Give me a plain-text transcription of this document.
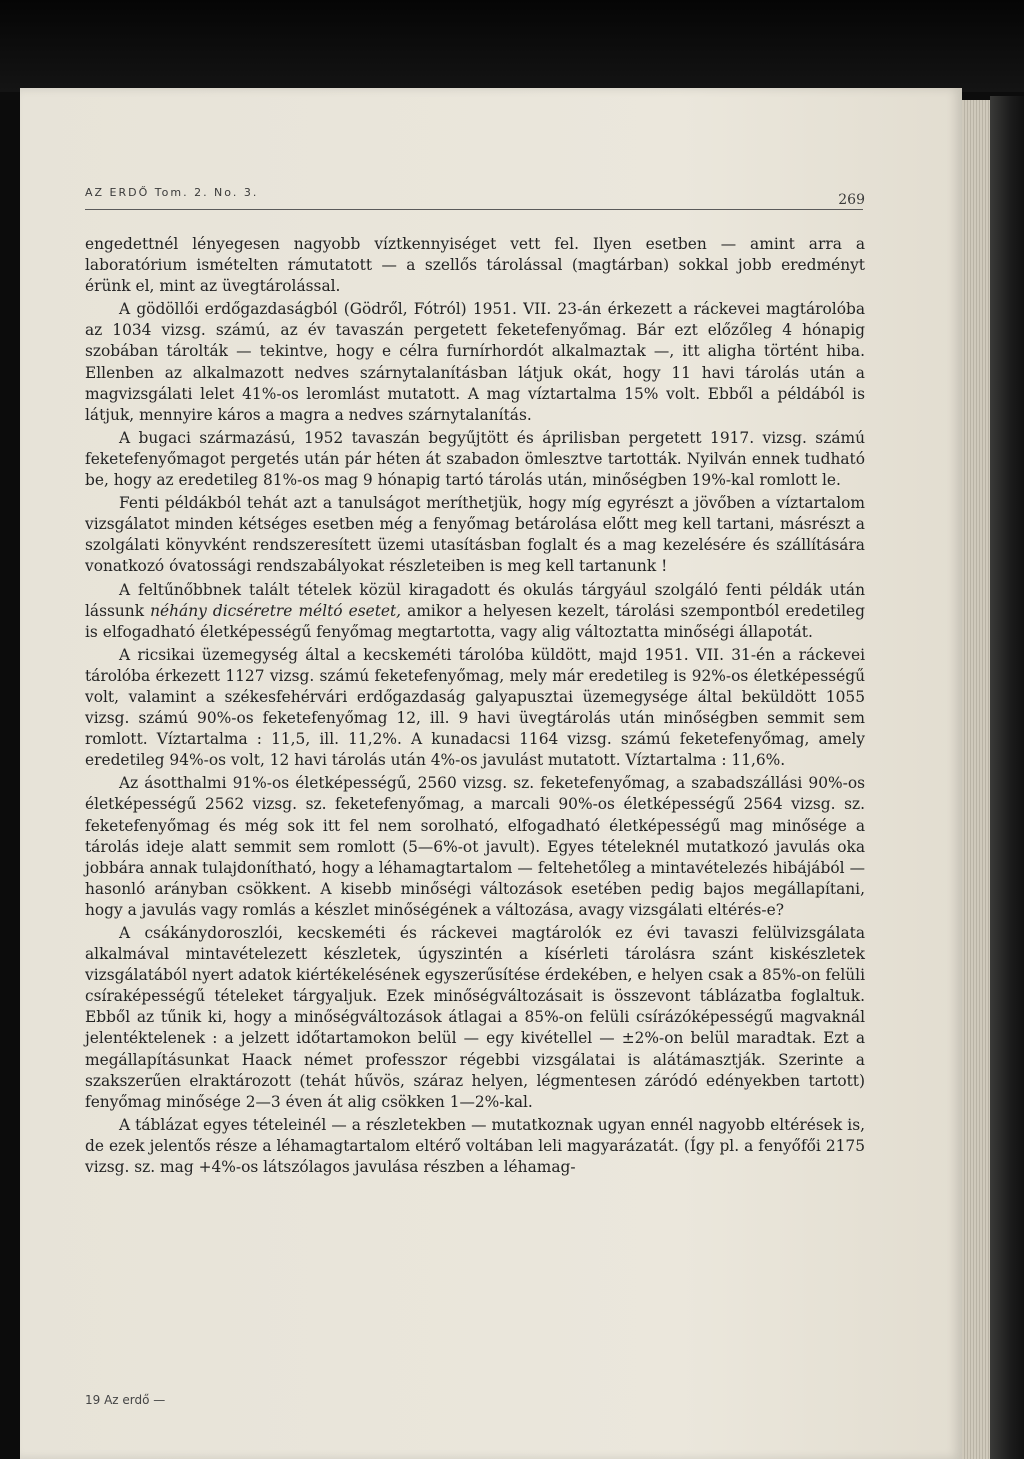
AZ ERDŐ Tom. 2. No. 3.	269

engedettnél lényegesen nagyobb víztkennyiséget vett fel. Ilyen esetben — amint arra a laboratórium ismételten rámutatott — a szellős tárolással (magtárban) sokkal jobb eredményt érünk el, mint az üvegtárolással.

A gödöllői erdőgazdaságból (Gödről, Fótról) 1951. VII. 23-án érkezett a ráckevei magtárolóba az 1034 vizsg. számú, az év tavaszán pergetett feketefenyőmag. Bár ezt előzőleg 4 hónapig szobában tárolták — tekintve, hogy e célra furnírhordót alkalmaztak —, itt aligha történt hiba. Ellenben az alkalmazott nedves szárnytalanításban látjuk okát, hogy 11 havi tárolás után a magvizsgálati lelet 41%-os leromlást mutatott. A mag víztartalma 15% volt. Ebből a példából is látjuk, mennyire káros a magra a nedves szárnytalanítás.

A bugaci származású, 1952 tavaszán begyűjtött és áprilisban pergetett 1917. vizsg. számú feketefenyőmagot pergetés után pár héten át szabadon ömlesztve tartották. Nyilván ennek tudható be, hogy az eredetileg 81%-os mag 9 hónapig tartó tárolás után, minőségben 19%-kal romlott le.

Fenti példákból tehát azt a tanulságot meríthetjük, hogy míg egyrészt a jövőben a víztartalom vizsgálatot minden kétséges esetben még a fenyőmag betárolása előtt meg kell tartani, másrészt a szolgálati könyvként rendszeresített üzemi utasításban foglalt és a mag kezelésére és szállítására vonatkozó óvatossági rendszabályokat részleteiben is meg kell tartanunk !

A feltűnőbbnek talált tételek közül kiragadott és okulás tárgyául szolgáló fenti példák után lássunk néhány dicséretre méltó esetet, amikor a helyesen kezelt, tárolási szempontból eredetileg is elfogadható életképességű fenyőmag megtartotta, vagy alig változtatta minőségi állapotát.

A ricsikai üzemegység által a kecskeméti tárolóba küldött, majd 1951. VII. 31-én a ráckevei tárolóba érkezett 1127 vizsg. számú feketefenyőmag, mely már eredetileg is 92%-os életképességű volt, valamint a székesfehérvári erdőgazdaság galyapusztai üzemegysége által beküldött 1055 vizsg. számú 90%-os feketefenyőmag 12, ill. 9 havi üvegtárolás után minőségben semmit sem romlott. Víztartalma : 11,5, ill. 11,2%. A kunadacsi 1164 vizsg. számú feketefenyőmag, amely eredetileg 94%-os volt, 12 havi tárolás után 4%-os javulást mutatott. Víztartalma : 11,6%.

Az ásotthalmi 91%-os életképességű, 2560 vizsg. sz. feketefenyőmag, a szabadszállási 90%-os életképességű 2562 vizsg. sz. feketefenyőmag, a marcali 90%-os életképességű 2564 vizsg. sz. feketefenyőmag és még sok itt fel nem sorolható, elfogadható életképességű mag minősége a tárolás ideje alatt semmit sem romlott (5—6%-ot javult). Egyes tételeknél mutatkozó javulás oka jobbára annak tulajdonítható, hogy a léhamagtartalom — feltehetőleg a mintavételezés hibájából — hasonló arányban csökkent. A kisebb minőségi változások esetében pedig bajos megállapítani, hogy a javulás vagy romlás a készlet minőségének a változása, avagy vizsgálati eltérés-e?

A csákánydoroszlói, kecskeméti és ráckevei magtárolók ez évi tavaszi felülvizsgálata alkalmával mintavételezett készletek, úgyszintén a kísérleti tárolásra szánt kiskészletek vizsgálatából nyert adatok kiértékelésének egyszerűsítése érdekében, e helyen csak a 85%-on felüli csíraképességű tételeket tárgyaljuk. Ezek minőségváltozásait is összevont táblázatba foglaltuk. Ebből az tűnik ki, hogy a minőségváltozások átlagai a 85%-on felüli csírázóképességű magvaknál jelentéktelenek : a jelzett időtartamokon belül — egy kivétellel — ±2%-on belül maradtak. Ezt a megállapításunkat Haack német professzor régebbi vizsgálatai is alátámasztják. Szerinte a szakszerűen elraktározott (tehát hűvös, száraz helyen, légmentesen záródó edényekben tartott) fenyőmag minősége 2—3 éven át alig csökken 1—2%-kal.

A táblázat egyes tételeinél — a részletekben — mutatkoznak ugyan ennél nagyobb eltérések is, de ezek jelentős része a léhamagtartalom eltérő voltában leli magyarázatát. (Így pl. a fenyőfői 2175 vizsg. sz. mag +4%-os látszólagos javulása részben a léhamag-

19 Az erdő —
